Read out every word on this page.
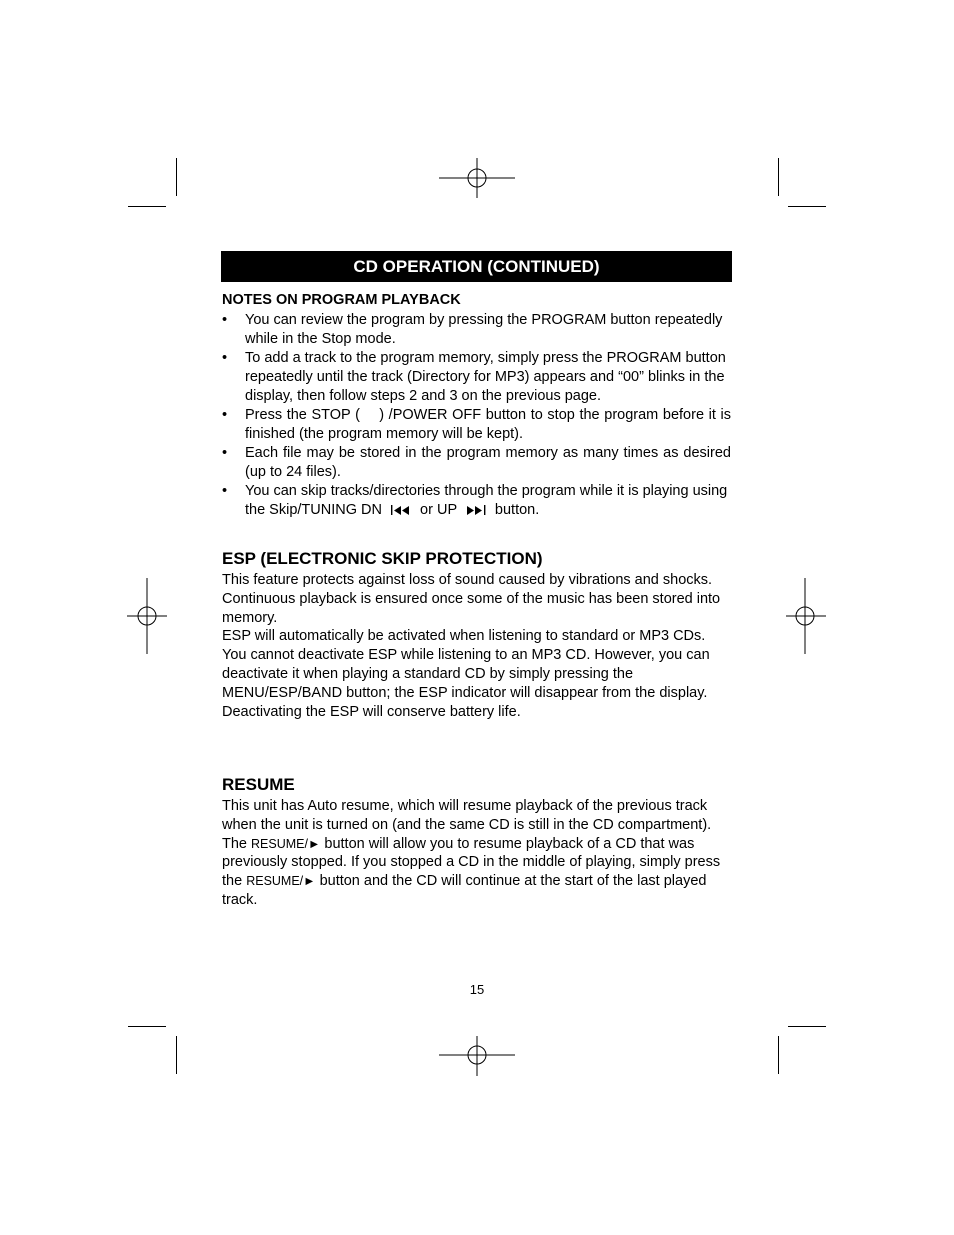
CD OPERATION (CONTINUED)
NOTES ON PROGRAM PLAYBACK
• You can review the program by pressing the PROGRAM button repeatedly while in the Stop mode.
• To add a track to the program memory, simply press the PROGRAM button repeatedly until the track (Directory for MP3) appears and “00” blinks in the display, then follow steps 2 and 3 on the previous page.
• Press the STOP ( ) /POWER OFF button to stop the program before it is finished (the program memory will be kept).
• Each file may be stored in the program memory as many times as desired (up to 24 files).
• You can skip tracks/directories through the program while it is playing using the Skip/TUNING DN	or UP	button.
ESP (ELECTRONIC SKIP PROTECTION)

This feature protects against loss of sound caused by vibrations and shocks. Continuous playback is ensured once some of the music has been stored into memory.

ESP will automatically be activated when listening to standard or MP3 CDs. You cannot deactivate ESP while listening to an MP3 CD. However, you can deactivate it when playing a standard CD by simply pressing the MENU/ESP/BAND button; the ESP indicator will disappear from the display. Deactivating the ESP will conserve battery life.

RESUME

This unit has Auto resume, which will resume playback of the previous track when the unit is turned on (and the same CD is still in the CD compartment).

The RESUME/► button will allow you to resume playback of a CD that was previously stopped. If you stopped a CD in the middle of playing, simply press the RESUME/► button and the CD will continue at the start of the last played track.

15
